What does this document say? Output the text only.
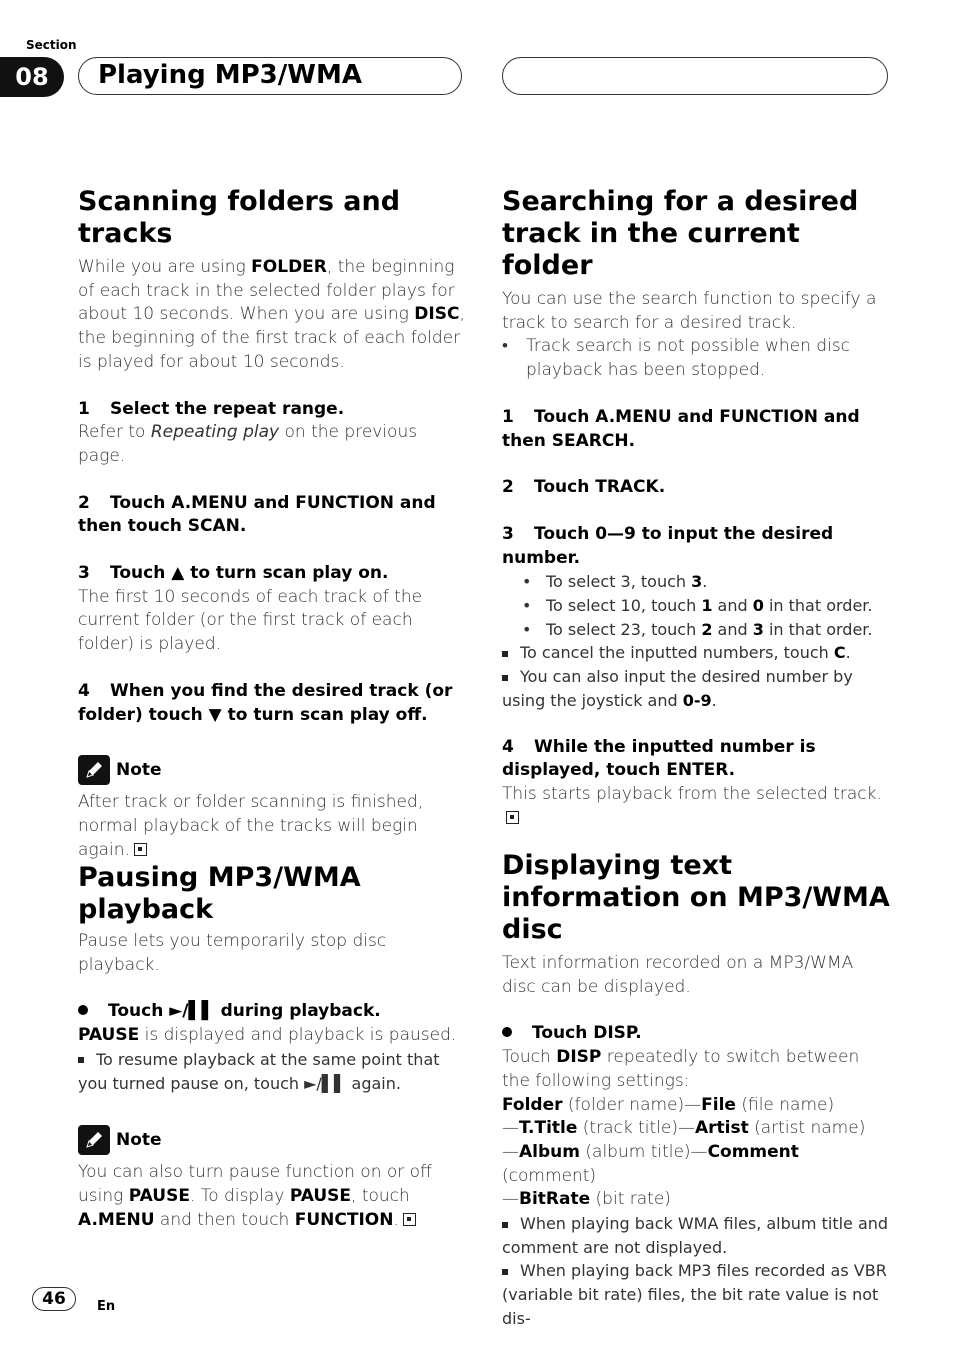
Section
08	Playing MP3/WMA
Scanning folders and tracks

While you are using FOLDER, the beginning of each track in the selected folder plays for about 10 seconds. When you are using DISC, the beginning of the first track of each folder is played for about 10 seconds.

1 Select the repeat range.

Refer to Repeating play on the previous page.

2 Touch A.MENU and FUNCTION and then touch SCAN.

3 Touch ▲ to turn scan play on.

The first 10 seconds of each track of the current folder (or the first track of each folder) is played.

4 When you find the desired track (or folder) touch ▼ to turn scan play off.

Note

After track or folder scanning is finished, normal playback of the tracks will begin again.

Pausing MP3/WMA playback

Pause lets you temporarily stop disc playback.

Touch ►/▌▌ during playback.

PAUSE is displayed and playback is paused.

To resume playback at the same point that you turned pause on, touch ►/▌▌ again.

Note

You can also turn pause function on or off using PAUSE. To display PAUSE, touch A.MENU and then touch FUNCTION.

Searching for a desired track in the current folder

You can use the search function to specify a track to search for a desired track.

• Track search is not possible when disc playback has been stopped.

1 Touch A.MENU and FUNCTION and then SEARCH.

2 Touch TRACK.

3 Touch 0—9 to input the desired number.

• To select 3, touch 3.

• To select 10, touch 1 and 0 in that order.

• To select 23, touch 2 and 3 in that order.

To cancel the inputted numbers, touch C.

You can also input the desired number by using the joystick and 0-9.

4 While the inputted number is displayed, touch ENTER.

This starts playback from the selected track.

Displaying text information on MP3/WMA disc

Text information recorded on a MP3/WMA disc can be displayed.

Touch DISP.

Touch DISP repeatedly to switch between the following settings:

Folder (folder name)—File (file name)

—T.Title (track title)—Artist (artist name)

—Album (album title)—Comment (comment)

—BitRate (bit rate)

When playing back WMA files, album title and comment are not displayed.

When playing back MP3 files recorded as VBR (variable bit rate) files, the bit rate value is not dis-

46	En
